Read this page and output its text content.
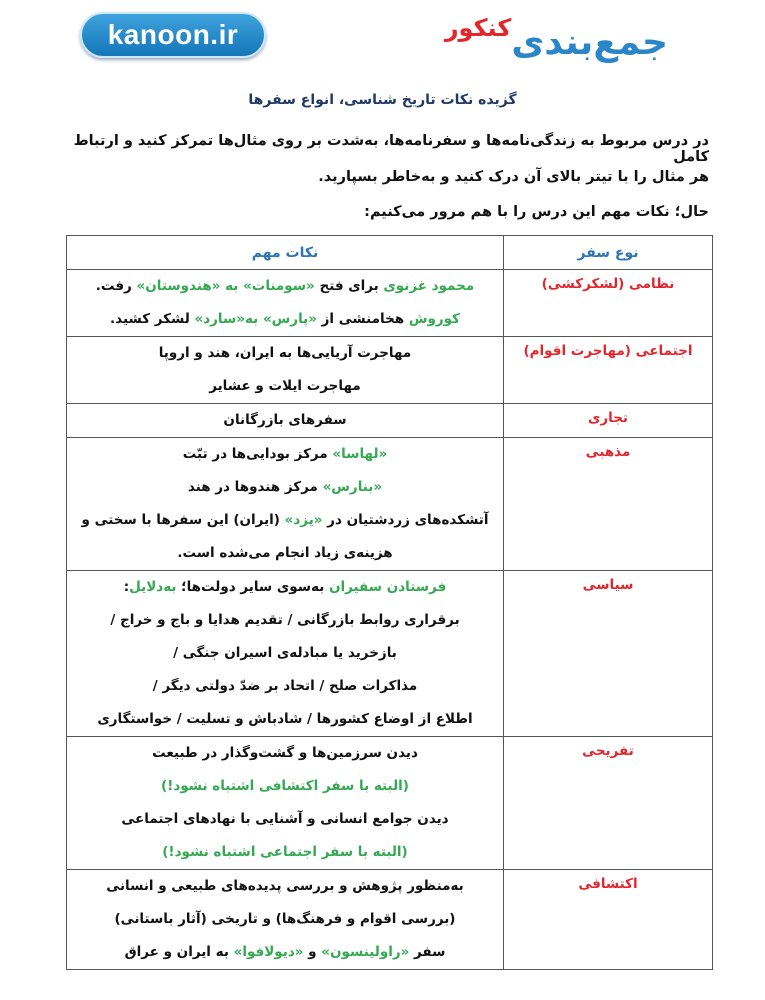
kanoon.ir	جمع‌بندی
کنکور
گزیده نکات تاریخ شناسی، انواع سفرها
در درس مربوط به زندگی‌نامه‌ها و سفرنامه‌ها، به‌شدت بر روی مثال‌ها تمرکز کنید و ارتباط کامل
هر مثال را با تیتر بالای آن درک کنید و به‌خاطر بسپارید.
حال؛ نکات مهم این درس را با هم مرور می‌کنیم:
نوع سفر	نکات مهم
نظامی (لشکرکشی)	محمود غزنوی برای فتح «سومنات» به «هندوستان» رفت.
کوروش هخامنشی از «پارس» به«سارد» لشکر کشید.

اجتماعی (مهاجرت اقوام)	مهاجرت آریایی‌ها به ایران، هند و اروپا
مهاجرت ایلات و عشایر

تجاری	سفرهای بازرگانان

مذهبی	«لهاسا» مرکز بودایی‌ها در تبّت
«بنارس» مرکز هندوها در هند
آتشکده‌های زردشتیان در «یزد» (ایران) این سفرها با سختی و
هزینه‌ی زیاد انجام می‌شده است.

سیاسی	فرستادن سفیران به‌سوی سایر دولت‌ها؛ به‌دلایل:
برقراری روابط بازرگانی / تقدیم هدایا و باج و خراج /
بازخرید یا مبادله‌ی اسیران جنگی /
مذاکرات صلح / اتحاد بر ضدّ دولتی دیگر /
اطلاع از اوضاع کشورها / شادباش و تسلیت / خواستگاری

تفریحی	دیدن سرزمین‌ها و گشت‌وگذار در طبیعت
(البته با سفر اکتشافی اشتباه نشود!)
دیدن جوامع انسانی و آشنایی با نهادهای اجتماعی
(البته با سفر اجتماعی اشتباه نشود!)

اکتشافی	به‌منظور پژوهش و بررسی پدیده‌های طبیعی و انسانی
(بررسی اقوام و فرهنگ‌ها) و تاریخی (آثار باستانی)
سفر «راولینسون» و «دیولافوا» به ایران و عراق
